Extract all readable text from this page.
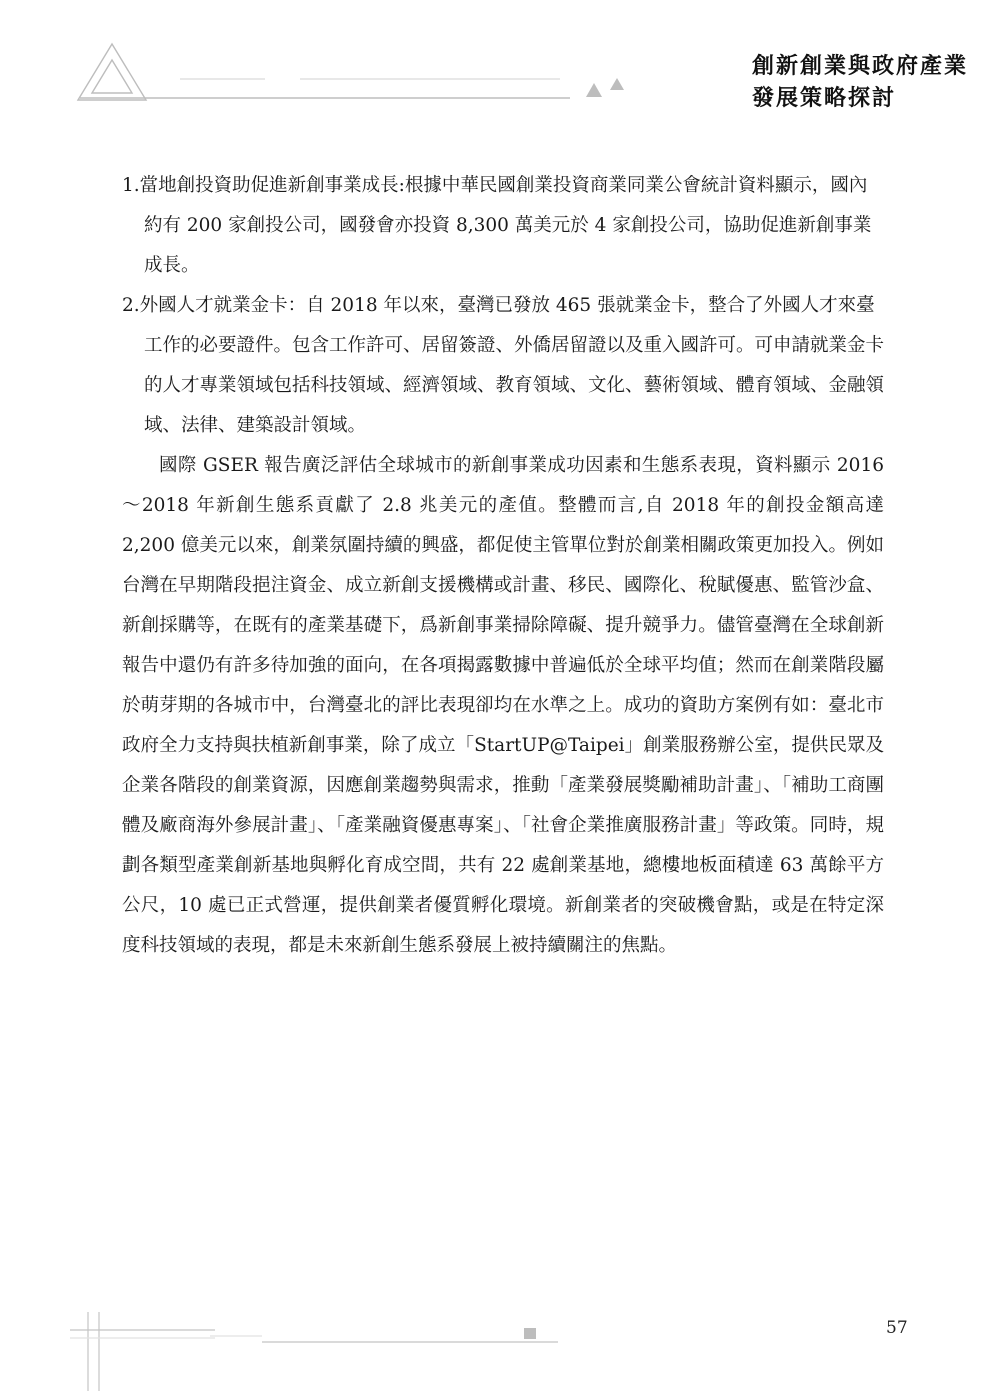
創新創業與政府產業
發展策略探討

1.當地創投資助促進新創事業成長:根據中華民國創業投資商業同業公會統計資料顯示，國內約有 200 家創投公司，國發會亦投資 8,300 萬美元於 4 家創投公司，協助促進新創事業成長。

2.外國人才就業金卡：自 2018 年以來，臺灣已發放 465 張就業金卡，整合了外國人才來臺工作的必要證件。包含工作許可、居留簽證、外僑居留證以及重入國許可。可申請就業金卡的人才專業領域包括科技領域、經濟領域、教育領域、文化、藝術領域、體育領域、金融領域、法律、建築設計領域。

國際 GSER 報告廣泛評估全球城市的新創事業成功因素和生態系表現，資料顯示 2016～2018 年新創生態系貢獻了 2.8 兆美元的產值。整體而言,自 2018 年的創投金額高達 2,200 億美元以來，創業氛圍持續的興盛，都促使主管單位對於創業相關政策更加投入。例如台灣在早期階段挹注資金、成立新創支援機構或計畫、移民、國際化、稅賦優惠、監管沙盒、新創採購等，在既有的產業基礎下，爲新創事業掃除障礙、提升競爭力。儘管臺灣在全球創新報告中還仍有許多待加強的面向，在各項揭露數據中普遍低於全球平均值；然而在創業階段屬於萌芽期的各城市中，台灣臺北的評比表現卻均在水準之上。成功的資助方案例有如：臺北市政府全力支持與扶植新創事業，除了成立「StartUP@Taipei」創業服務辦公室，提供民眾及企業各階段的創業資源，因應創業趨勢與需求，推動「產業發展獎勵補助計畫」、「補助工商團體及廠商海外參展計畫」、「產業融資優惠專案」、「社會企業推廣服務計畫」等政策。同時，規劃各類型產業創新基地與孵化育成空間，共有 22 處創業基地，總樓地板面積達 63 萬餘平方公尺，10 處已正式營運，提供創業者優質孵化環境。新創業者的突破機會點，或是在特定深度科技領域的表現，都是未來新創生態系發展上被持續關注的焦點。

57
